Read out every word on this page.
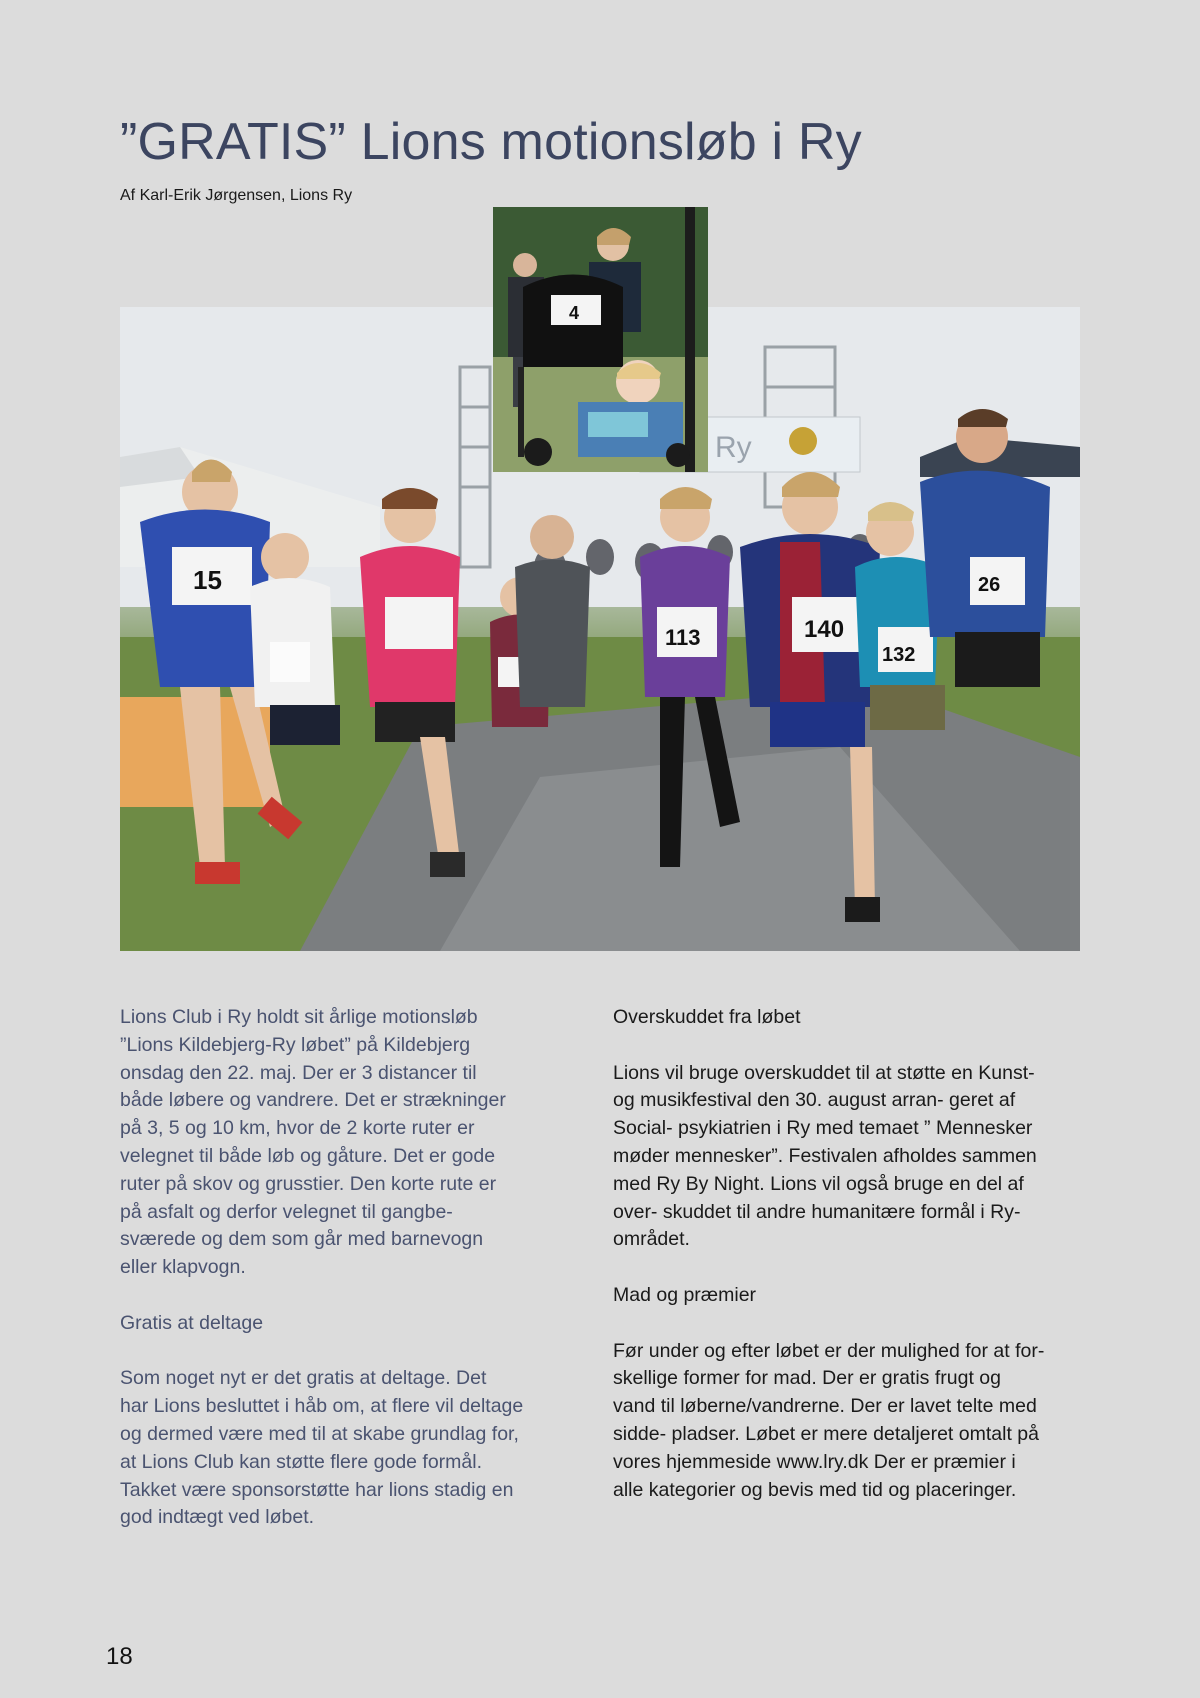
”GRATIS” Lions motionsløb i Ry
Af Karl-Erik Jørgensen, Lions Ry
Ry
15
113	140
132
26
4

Lions Club i Ry holdt sit årlige motionsløb
”Lions Kildebjerg-Ry løbet” på Kildebjerg
onsdag den 22. maj. Der er 3 distancer til
både løbere og vandrere. Det er strækninger
på 3, 5 og 10 km, hvor de 2 korte ruter er
velegnet til både løb og gåture. Det er gode
ruter på skov og grusstier. Den korte rute er
på asfalt og derfor velegnet til gangbe-
sværede og dem som går med barnevogn
eller klapvogn.

Gratis at deltage

Som noget nyt er det gratis at deltage. Det
har Lions besluttet i håb om, at flere vil deltage
og dermed være med til at skabe grundlag for,
at Lions Club kan støtte flere gode formål.
Takket være sponsorstøtte har lions stadig en
god indtægt ved løbet.

Overskuddet fra løbet

Lions vil bruge overskuddet til at støtte en Kunst-
og musikfestival den 30. august arran- geret af
Social- psykiatrien i Ry med temaet ” Mennesker
møder mennesker”. Festivalen afholdes sammen
med Ry By Night. Lions vil også bruge en del af
over- skuddet til andre humanitære formål i Ry-
området.

Mad og præmier

Før under og efter løbet er der mulighed for at for-
skellige former for mad. Der er gratis frugt og
vand til løberne/vandrerne. Der er lavet telte med
sidde- pladser. Løbet er mere detaljeret omtalt på
vores hjemmeside www.lry.dk Der er præmier i
alle kategorier og bevis med tid og placeringer.

18
